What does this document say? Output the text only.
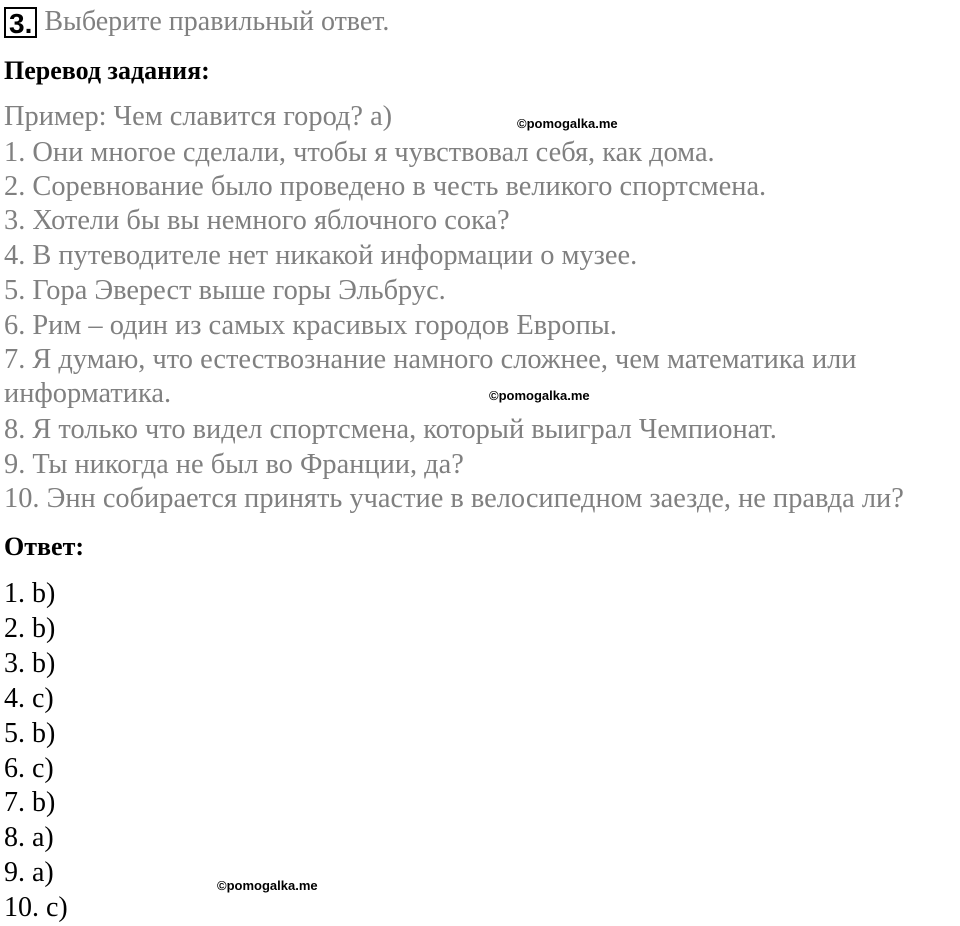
3. Выберите правильный ответ.
Перевод задания:
Пример: Чем славится город? а)	©pomogalka.me
1. Они многое сделали, чтобы я чувствовал себя, как дома.
2. Соревнование было проведено в честь великого спортсмена.
3. Хотели бы вы немного яблочного сока?
4. В путеводителе нет никакой информации о музее.
5. Гора Эверест выше горы Эльбрус.
6. Рим – один из самых красивых городов Европы.
7. Я думаю, что естествознание намного сложнее, чем математика или
информатика.	©pomogalka.me
8. Я только что видел спортсмена, который выиграл Чемпионат.
9. Ты никогда не был во Франции, да?
10. Энн собирается принять участие в велосипедном заезде, не правда ли?
Ответ:
1. b)
2. b)
3. b)
4. c)
5. b)
6. c)
7. b)
8. a)
9. a)	©pomogalka.me
10. c)
